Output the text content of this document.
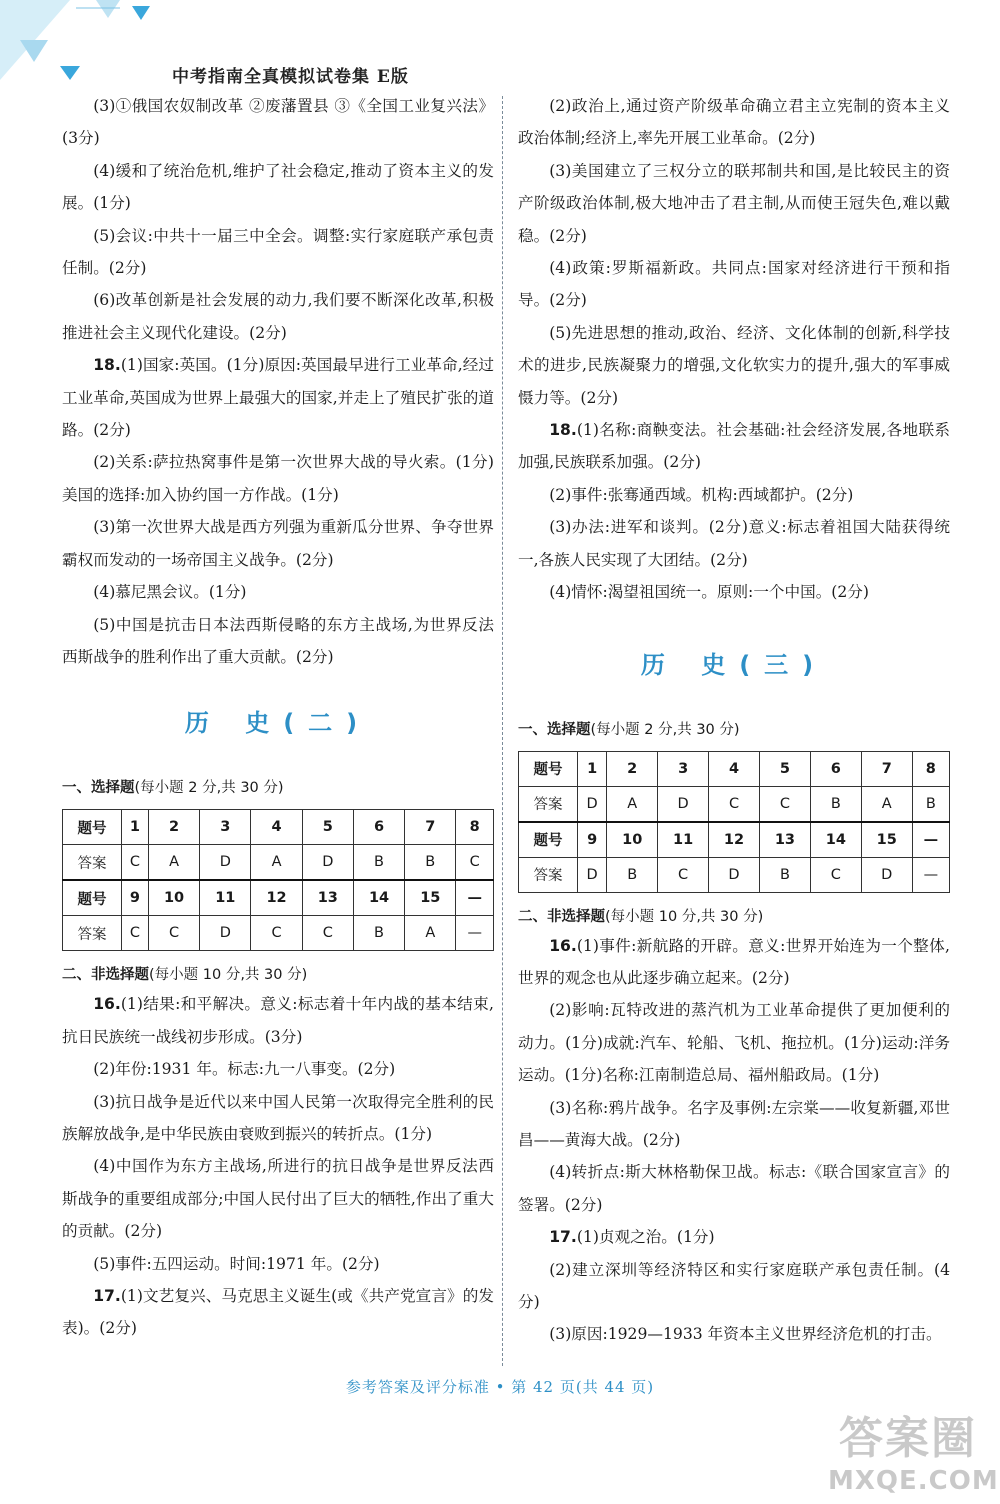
中考指南全真模拟试卷集 E版

(3)①俄国农奴制改革 ②废藩置县 ③《全国工业复兴法》(3分)

(4)缓和了统治危机,维护了社会稳定,推动了资本主义的发展。(1分)

(5)会议:中共十一届三中全会。调整:实行家庭联产承包责任制。(2分)

(6)改革创新是社会发展的动力,我们要不断深化改革,积极推进社会主义现代化建设。(2分)

18.(1)国家:英国。(1分)原因:英国最早进行工业革命,经过工业革命,英国成为世界上最强大的国家,并走上了殖民扩张的道路。(2分)

(2)关系:萨拉热窝事件是第一次世界大战的导火索。(1分)美国的选择:加入协约国一方作战。(1分)

(3)第一次世界大战是西方列强为重新瓜分世界、争夺世界霸权而发动的一场帝国主义战争。(2分)

(4)慕尼黑会议。(1分)

(5)中国是抗击日本法西斯侵略的东方主战场,为世界反法西斯战争的胜利作出了重大贡献。(2分)

历 史(二)

一、选择题(每小题 2 分,共 30 分)

题号	1	2	3	4	5	6	7	8
答案	C	A	D	A	D	B	B	C
题号	9	10	11	12	13	14	15	—
答案	C	C	D	C	C	B	A	—

二、非选择题(每小题 10 分,共 30 分)

16.(1)结果:和平解决。意义:标志着十年内战的基本结束,抗日民族统一战线初步形成。(3分)

(2)年份:1931 年。标志:九一八事变。(2分)

(3)抗日战争是近代以来中国人民第一次取得完全胜利的民族解放战争,是中华民族由衰败到振兴的转折点。(1分)

(4)中国作为东方主战场,所进行的抗日战争是世界反法西斯战争的重要组成部分;中国人民付出了巨大的牺牲,作出了重大的贡献。(2分)

(5)事件:五四运动。时间:1971 年。(2分)

17.(1)文艺复兴、马克思主义诞生(或《共产党宣言》的发表)。(2分)

(2)政治上,通过资产阶级革命确立君主立宪制的资本主义政治体制;经济上,率先开展工业革命。(2分)

(3)美国建立了三权分立的联邦制共和国,是比较民主的资产阶级政治体制,极大地冲击了君主制,从而使王冠失色,难以戴稳。(2分)

(4)政策:罗斯福新政。共同点:国家对经济进行干预和指导。(2分)

(5)先进思想的推动,政治、经济、文化体制的创新,科学技术的进步,民族凝聚力的增强,文化软实力的提升,强大的军事威慑力等。(2分)

18.(1)名称:商鞅变法。社会基础:社会经济发展,各地联系加强,民族联系加强。(2分)

(2)事件:张骞通西域。机构:西域都护。(2分)

(3)办法:进军和谈判。(2分)意义:标志着祖国大陆获得统一,各族人民实现了大团结。(2分)

(4)情怀:渴望祖国统一。原则:一个中国。(2分)

历 史(三)

一、选择题(每小题 2 分,共 30 分)

题号	1	2	3	4	5	6	7	8
答案	D	A	D	C	C	B	A	B
题号	9	10	11	12	13	14	15	—
答案	D	B	C	D	B	C	D	—

二、非选择题(每小题 10 分,共 30 分)

16.(1)事件:新航路的开辟。意义:世界开始连为一个整体,世界的观念也从此逐步确立起来。(2分)

(2)影响:瓦特改进的蒸汽机为工业革命提供了更加便利的动力。(1分)成就:汽车、轮船、飞机、拖拉机。(1分)运动:洋务运动。(1分)名称:江南制造总局、福州船政局。(1分)

(3)名称:鸦片战争。名字及事例:左宗棠——收复新疆,邓世昌——黄海大战。(2分)

(4)转折点:斯大林格勒保卫战。标志:《联合国家宣言》的签署。(2分)

17.(1)贞观之治。(1分)

(2)建立深圳等经济特区和实行家庭联产承包责任制。(4分)

(3)原因:1929—1933 年资本主义世界经济危机的打击。

参考答案及评分标准 • 第 42 页(共 44 页)
答案圈
MXQE.COM
